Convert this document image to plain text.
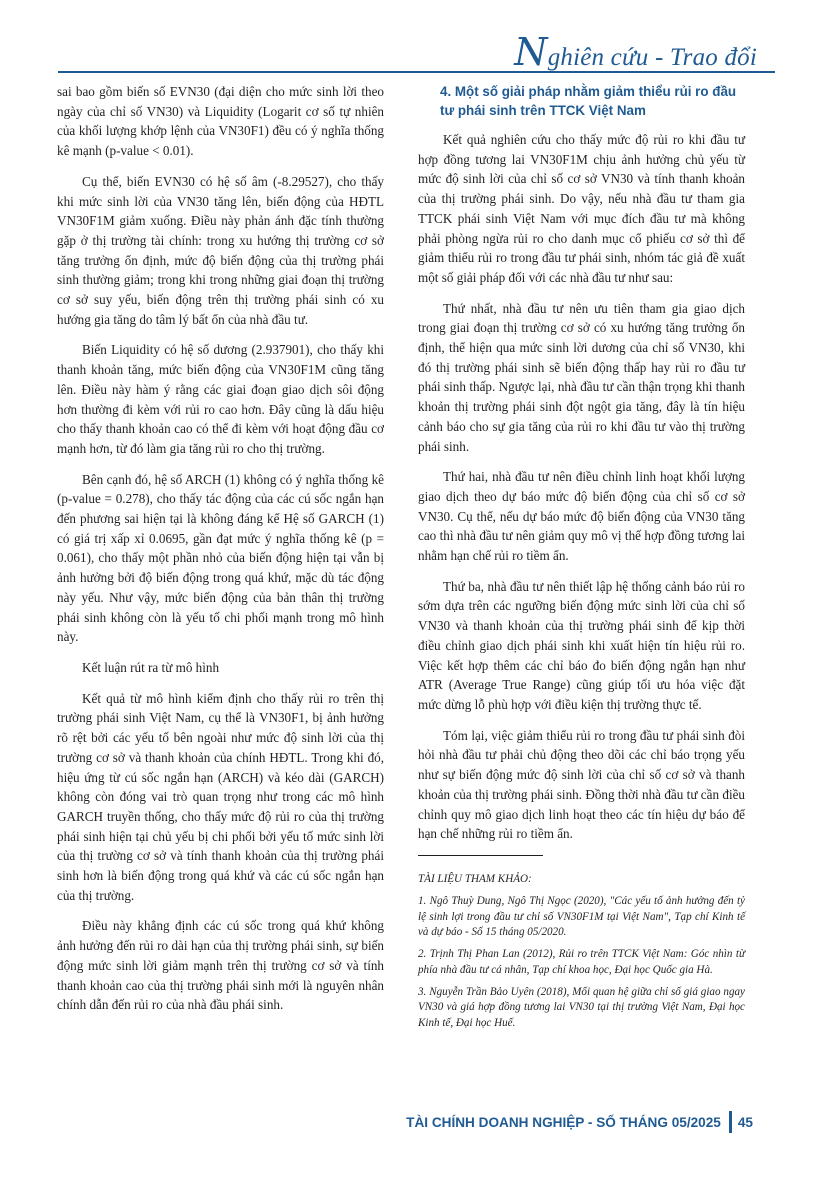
Nghiên cứu - Trao đổi

sai bao gồm biến số EVN30 (đại diện cho mức sinh lời theo ngày của chỉ số VN30) và Liquidity (Logarit cơ số tự nhiên của khối lượng khớp lệnh của VN30F1) đều có ý nghĩa thống kê mạnh (p-value < 0.01).

Cụ thể, biến EVN30 có hệ số âm (-8.29527), cho thấy khi mức sinh lời của VN30 tăng lên, biến động của HĐTL VN30F1M giảm xuống. Điều này phản ánh đặc tính thường gặp ở thị trường tài chính: trong xu hướng thị trường cơ sở tăng trưởng ổn định, mức độ biến động của thị trường phái sinh thường giảm; trong khi trong những giai đoạn thị trường cơ sở suy yếu, biến động trên thị trường phái sinh có xu hướng gia tăng do tâm lý bất ổn của nhà đầu tư.

Biến Liquidity có hệ số dương (2.937901), cho thấy khi thanh khoản tăng, mức biến động của VN30F1M cũng tăng lên. Điều này hàm ý rằng các giai đoạn giao dịch sôi động hơn thường đi kèm với rủi ro cao hơn. Đây cũng là dấu hiệu cho thấy thanh khoản cao có thể đi kèm với hoạt động đầu cơ mạnh hơn, từ đó làm gia tăng rủi ro cho thị trường.

Bên cạnh đó, hệ số ARCH (1) không có ý nghĩa thống kê (p-value = 0.278), cho thấy tác động của các cú sốc ngắn hạn đến phương sai hiện tại là không đáng kể Hệ số GARCH (1) có giá trị xấp xỉ 0.0695, gần đạt mức ý nghĩa thống kê (p = 0.061), cho thấy một phần nhỏ của biến động hiện tại vẫn bị ảnh hưởng bởi độ biến động trong quá khứ, mặc dù tác động này yếu. Như vậy, mức biến động của bản thân thị trường phái sinh không còn là yếu tố chi phối mạnh trong mô hình này.

Kết luận rút ra từ mô hình

Kết quả từ mô hình kiểm định cho thấy rủi ro trên thị trường phái sinh Việt Nam, cụ thể là VN30F1, bị ảnh hưởng rõ rệt bởi các yếu tố bên ngoài như mức độ sinh lời của thị trường cơ sở và thanh khoản của chính HĐTL. Trong khi đó, hiệu ứng từ cú sốc ngắn hạn (ARCH) và kéo dài (GARCH) không còn đóng vai trò quan trọng như trong các mô hình GARCH truyền thống, cho thấy mức độ rủi ro của thị trường phái sinh hiện tại chủ yếu bị chi phối bởi yếu tố mức sinh lời của thị trường cơ sở và tính thanh khoản của thị trường phái sinh hơn là biến động trong quá khứ và các cú sốc ngắn hạn của thị trường.

Điều này khẳng định các cú sốc trong quá khứ không ảnh hưởng đến rủi ro dài hạn của thị trường phái sinh, sự biến động mức sinh lời giảm mạnh trên thị trường cơ sở và tính thanh khoản cao của thị trường phái sinh mới là nguyên nhân chính dẫn đến rủi ro của nhà đầu phái sinh.

4. Một số giải pháp nhằm giảm thiểu rủi ro đầu tư phái sinh trên TTCK Việt Nam

Kết quả nghiên cứu cho thấy mức độ rủi ro khi đầu tư hợp đồng tương lai VN30F1M chịu ảnh hưởng chủ yếu từ mức độ sinh lời của chỉ số cơ sở VN30 và tính thanh khoản của thị trường phái sinh. Do vậy, nếu nhà đầu tư tham gia TTCK phái sinh Việt Nam với mục đích đầu tư mà không phải phòng ngừa rủi ro cho danh mục cổ phiếu cơ sở thì để giảm thiểu rủi ro trong đầu tư phái sinh, nhóm tác giả đề xuất một số giải pháp đối với các nhà đầu tư như sau:

Thứ nhất, nhà đầu tư nên ưu tiên tham gia giao dịch trong giai đoạn thị trường cơ sở có xu hướng tăng trưởng ổn định, thể hiện qua mức sinh lời dương của chỉ số VN30, khi đó thị trường phái sinh sẽ biến động thấp hay rủi ro đầu tư phái sinh thấp. Ngược lại, nhà đầu tư cần thận trọng khi thanh khoản thị trường phái sinh đột ngột gia tăng, đây là tín hiệu cảnh báo cho sự gia tăng của rủi ro khi đầu tư vào thị trường phái sinh.

Thứ hai, nhà đầu tư nên điều chỉnh linh hoạt khối lượng giao dịch theo dự báo mức độ biến động của chỉ số cơ sở VN30. Cụ thể, nếu dự báo mức độ biến động của VN30 tăng cao thì nhà đầu tư nên giảm quy mô vị thế hợp đồng tương lai nhằm hạn chế rủi ro tiềm ẩn.

Thứ ba, nhà đầu tư nên thiết lập hệ thống cảnh báo rủi ro sớm dựa trên các ngưỡng biến động mức sinh lời của chỉ số VN30 và thanh khoản của thị trường phái sinh để kịp thời điều chỉnh giao dịch phái sinh khi xuất hiện tín hiệu rủi ro. Việc kết hợp thêm các chỉ báo đo biến động ngắn hạn như ATR (Average True Range) cũng giúp tối ưu hóa việc đặt mức dừng lỗ phù hợp với điều kiện thị trường thực tế.

Tóm lại, việc giảm thiểu rủi ro trong đầu tư phái sinh đòi hỏi nhà đầu tư phải chủ động theo dõi các chỉ báo trọng yếu như sự biến động mức độ sinh lời của chỉ số cơ sở và thanh khoản của thị trường phái sinh. Đồng thời nhà đầu tư cần điều chỉnh quy mô giao dịch linh hoạt theo các tín hiệu dự báo để hạn chế những rủi ro tiềm ẩn.

TÀI LIỆU THAM KHẢO:

1. Ngô Thuỳ Dung, Ngô Thị Ngọc (2020), "Các yếu tố ảnh hưởng đến tỷ lệ sinh lợi trong đầu tư chỉ số VN30F1M tại Việt Nam", Tạp chí Kinh tế và dự báo - Số 15 tháng 05/2020.

2. Trịnh Thị Phan Lan (2012), Rủi ro trên TTCK Việt Nam: Góc nhìn từ phía nhà đầu tư cá nhân, Tạp chí khoa học, Đại học Quốc gia Hà.

3. Nguyễn Trần Bảo Uyên (2018), Mối quan hệ giữa chỉ số giá giao ngay VN30 và giá hợp đồng tương lai VN30 tại thị trường Việt Nam, Đại học Kinh tế, Đại học Huế.

TÀI CHÍNH DOANH NGHIỆP - SỐ THÁNG 05/2025 45
